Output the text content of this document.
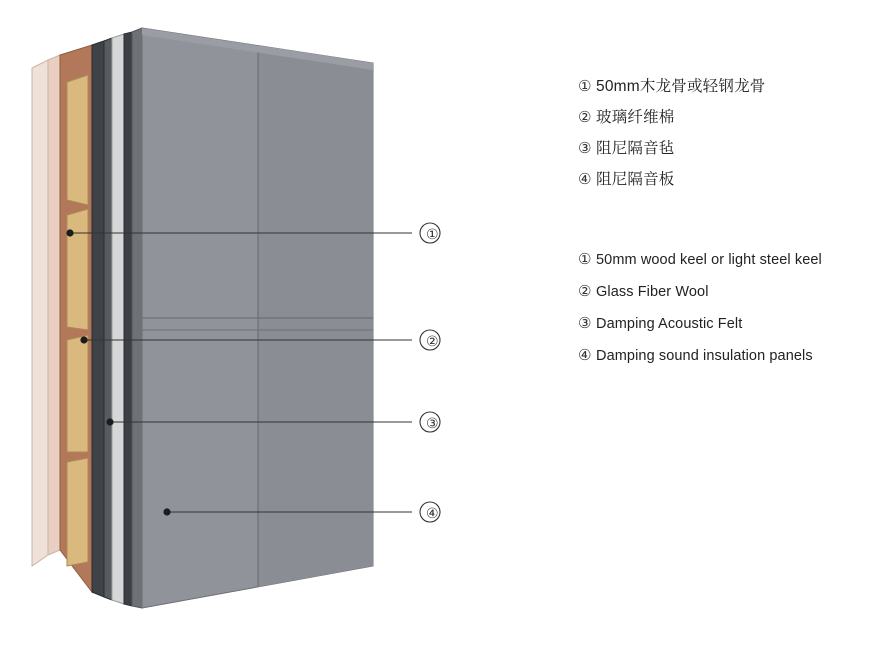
①
②
③
④
① 50mm木龙骨或轻钢龙骨
② 玻璃纤维棉
③ 阻尼隔音毡
④ 阻尼隔音板
① 50mm wood keel or light steel keel
② Glass Fiber Wool
③ Damping Acoustic Felt
④ Damping sound insulation panels
